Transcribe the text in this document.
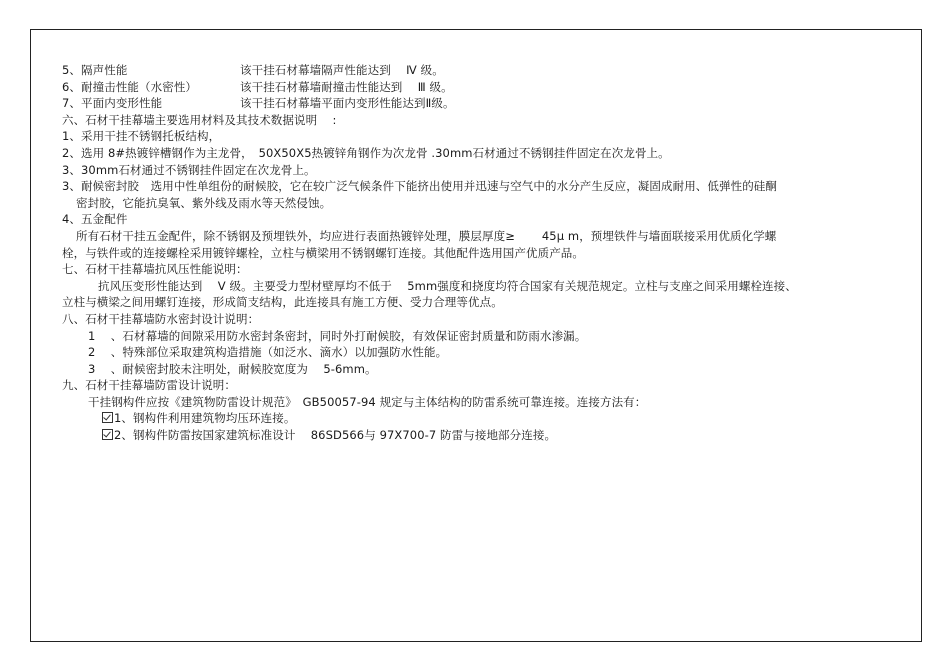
5、隔声性能	该干挂石材幕墙隔声性能达到　 Ⅳ 级。
6、耐撞击性能（水密性）	该干挂石材幕墙耐撞击性能达到　 Ⅲ 级。
7、平面内变形性能	该干挂石材幕墙平面内变形性能达到Ⅱ级。
六、石材干挂幕墙主要选用材料及其技术数据说明　 :
1、采用干挂不锈钢托板结构，
2、选用 8#热镀锌槽钢作为主龙骨，　50X50X5热镀锌角钢作为次龙骨 .30mm石材通过不锈钢挂件固定在次龙骨上。
3、30mm石材通过不锈钢挂件固定在次龙骨上。
3、耐候密封胶　选用中性单组份的耐候胶，它在较广泛气候条件下能挤出使用并迅速与空气中的水分产生反应，凝固成耐用、低弹性的硅酮
密封胶，它能抗臭氧、紫外线及雨水等天然侵蚀。
4、五金配件
所有石材干挂五金配件，除不锈钢及预埋铁外，均应进行表面热镀锌处理，膜层厚度≥　　 45μ m，预埋铁件与墙面联接采用优质化学螺
栓，与铁件或的连接螺栓采用镀锌螺栓，立柱与横梁用不锈钢螺钉连接。其他配件选用国产优质产品。
七、石材干挂幕墙抗风压性能说明：
抗风压变形性能达到　 Ⅴ 级。主要受力型材壁厚均不低于　 5mm强度和挠度均符合国家有关规范规定。立柱与支座之间采用螺栓连接、
立柱与横梁之间用螺钉连接，形成简支结构，此连接具有施工方便、受力合理等优点。
八、石材干挂幕墙防水密封设计说明：
1　 、石材幕墙的间隙采用防水密封条密封，同时外打耐候胶，有效保证密封质量和防雨水渗漏。
2　 、特殊部位采取建筑构造措施（如泛水、滴水）以加强防水性能。
3　 、耐候密封胶未注明处，耐候胶宽度为　 5-6mm。
九、石材干挂幕墙防雷设计说明：
干挂钢构件应按《建筑物防雷设计规范》　GB50057-94 规定与主体结构的防雷系统可靠连接。连接方法有：
1、钢构件利用建筑物均压环连接。
2、钢构件防雷按国家建筑标准设计　 86SD566与 97X700-7 防雷与接地部分连接。
